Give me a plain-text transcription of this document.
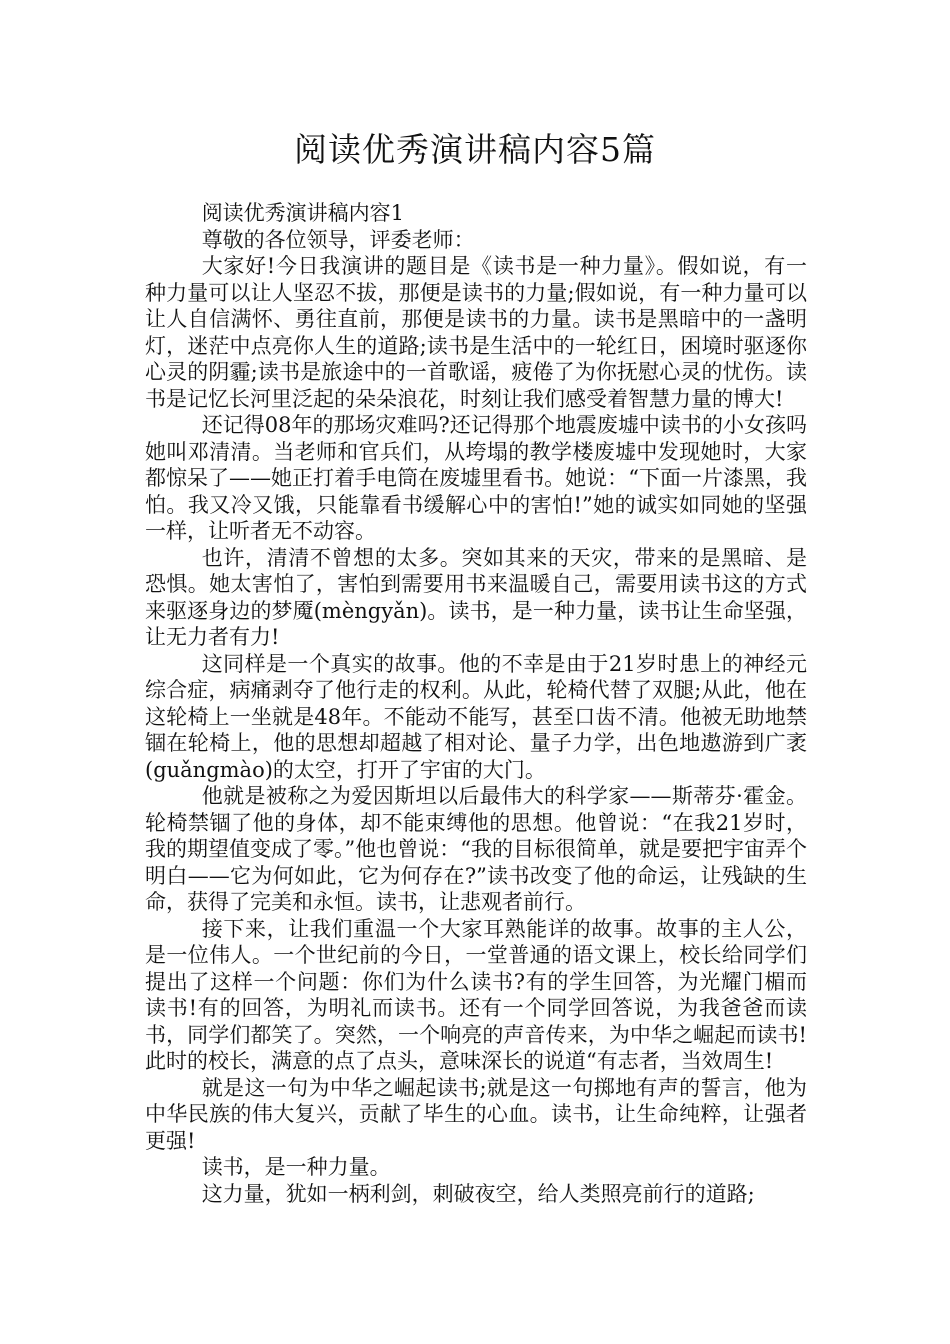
阅读优秀演讲稿内容5篇

阅读优秀演讲稿内容1

尊敬的各位领导，评委老师：

大家好!今日我演讲的题目是《读书是一种力量》。假如说，有一种力量可以让人坚忍不拔，那便是读书的力量;假如说，有一种力量可以让人自信满怀、勇往直前，那便是读书的力量。读书是黑暗中的一盏明灯，迷茫中点亮你人生的道路;读书是生活中的一轮红日，困境时驱逐你心灵的阴霾;读书是旅途中的一首歌谣，疲倦了为你抚慰心灵的忧伤。读书是记忆长河里泛起的朵朵浪花，时刻让我们感受着智慧力量的博大!

还记得08年的那场灾难吗?还记得那个地震废墟中读书的小女孩吗她叫邓清清。当老师和官兵们，从垮塌的教学楼废墟中发现她时，大家都惊呆了——她正打着手电筒在废墟里看书。她说：“下面一片漆黑，我怕。我又冷又饿，只能靠看书缓解心中的害怕!”她的诚实如同她的坚强一样，让听者无不动容。

也许，清清不曾想的太多。突如其来的天灾，带来的是黑暗、是恐惧。她太害怕了，害怕到需要用书来温暖自己，需要用读书这的方式来驱逐身边的梦魇(mèngyǎn)。读书，是一种力量，读书让生命坚强，让无力者有力!

这同样是一个真实的故事。他的不幸是由于21岁时患上的神经元综合症，病痛剥夺了他行走的权利。从此，轮椅代替了双腿;从此，他在这轮椅上一坐就是48年。不能动不能写，甚至口齿不清。他被无助地禁锢在轮椅上，他的思想却超越了相对论、量子力学，出色地遨游到广袤(guǎngmào)的太空，打开了宇宙的大门。

他就是被称之为爱因斯坦以后最伟大的科学家——斯蒂芬·霍金。轮椅禁锢了他的身体，却不能束缚他的思想。他曾说：“在我21岁时，我的期望值变成了零。”他也曾说：“我的目标很简单，就是要把宇宙弄个明白——它为何如此，它为何存在?”读书改变了他的命运，让残缺的生命，获得了完美和永恒。读书，让悲观者前行。

接下来，让我们重温一个大家耳熟能详的故事。故事的主人公，是一位伟人。一个世纪前的今日，一堂普通的语文课上，校长给同学们提出了这样一个问题：你们为什么读书?有的学生回答，为光耀门楣而读书!有的回答，为明礼而读书。还有一个同学回答说，为我爸爸而读书，同学们都笑了。突然，一个响亮的声音传来，为中华之崛起而读书!此时的校长，满意的点了点头，意味深长的说道“有志者，当效周生!

就是这一句为中华之崛起读书;就是这一句掷地有声的誓言，他为中华民族的伟大复兴，贡献了毕生的心血。读书，让生命纯粹，让强者更强!

读书，是一种力量。

这力量，犹如一柄利剑，刺破夜空，给人类照亮前行的道路;
